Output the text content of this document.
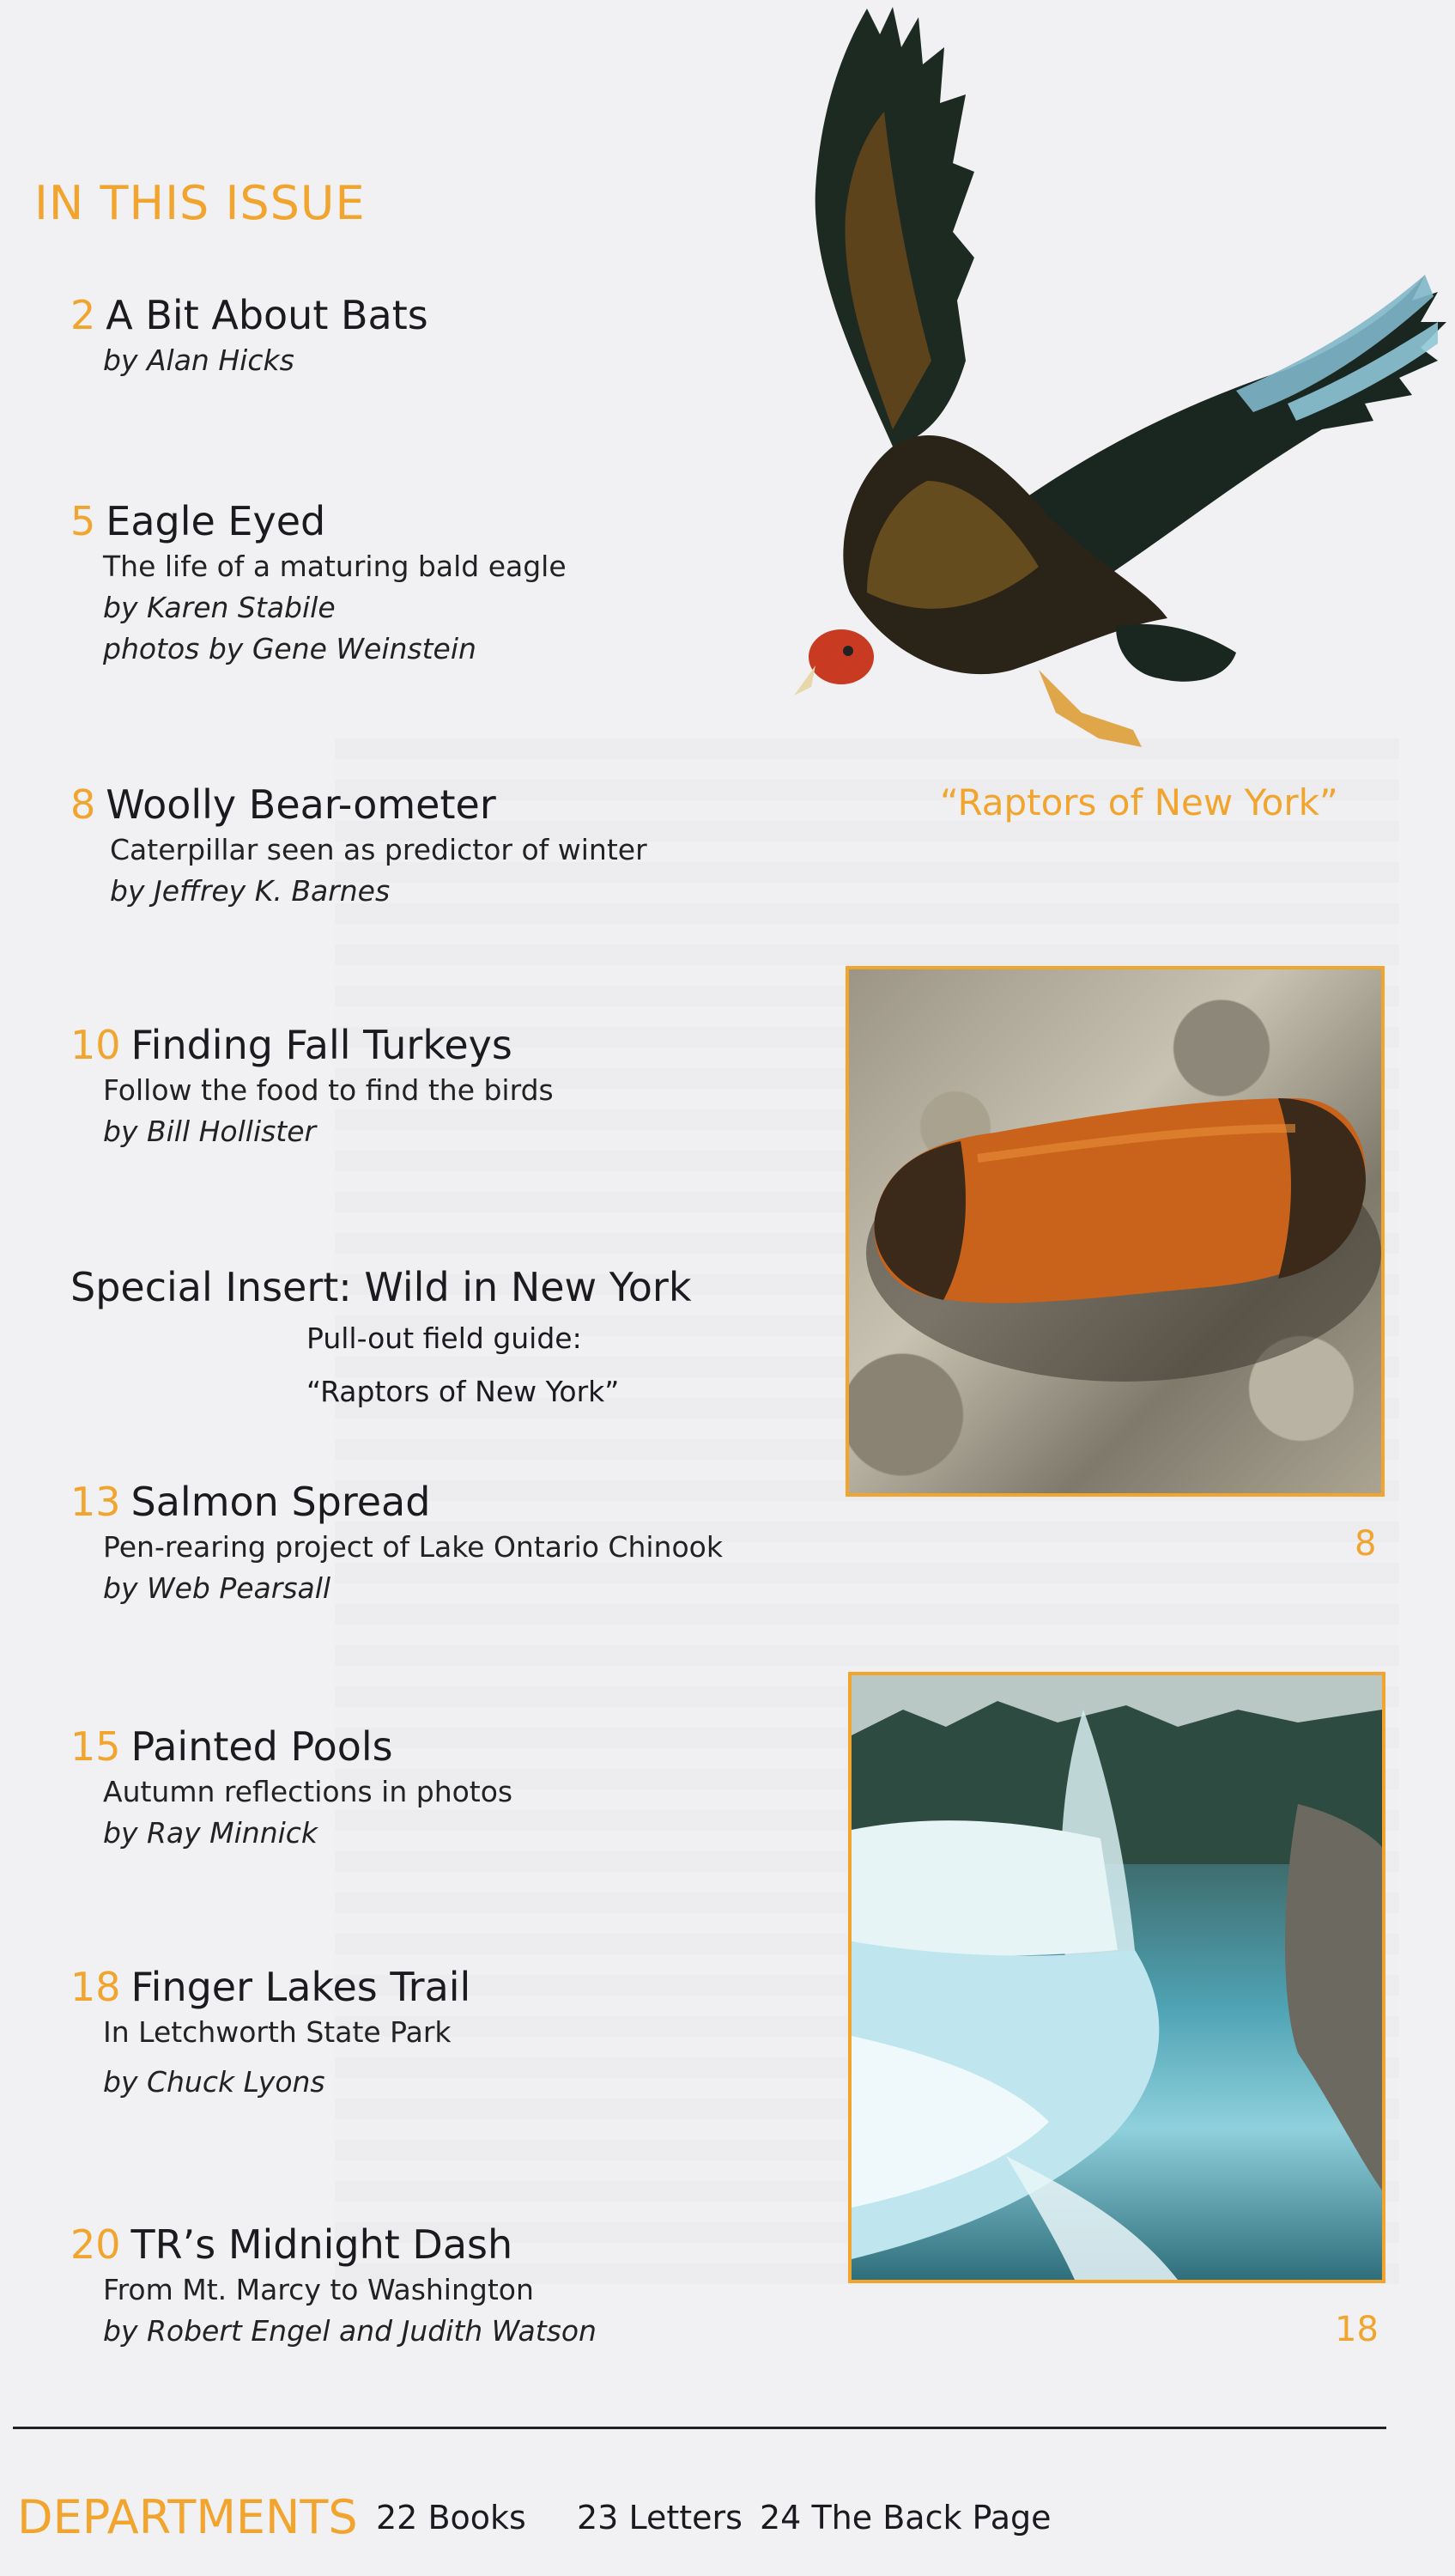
IN THIS ISSUE
2 A Bit About Bats
by Alan Hicks
5 Eagle Eyed
The life of a maturing bald eagle
by Karen Stabile
photos by Gene Weinstein
8 Woolly Bear-ometer
Caterpillar seen as predictor of winter
by Jeffrey K. Barnes
10 Finding Fall Turkeys
Follow the food to find the birds
by Bill Hollister
Special Insert: Wild in New York
Pull-out field guide:
“Raptors of New York”
13 Salmon Spread
Pen-rearing project of Lake Ontario Chinook
by Web Pearsall
15 Painted Pools
Autumn reflections in photos
by Ray Minnick
18 Finger Lakes Trail
In Letchworth State Park
by Chuck Lyons
20 TR’s Midnight Dash
From Mt. Marcy to Washington
by Robert Engel and Judith Watson
“Raptors of New York”
8
18
DEPARTMENTS 22 Books 23 Letters 24 The Back Page
